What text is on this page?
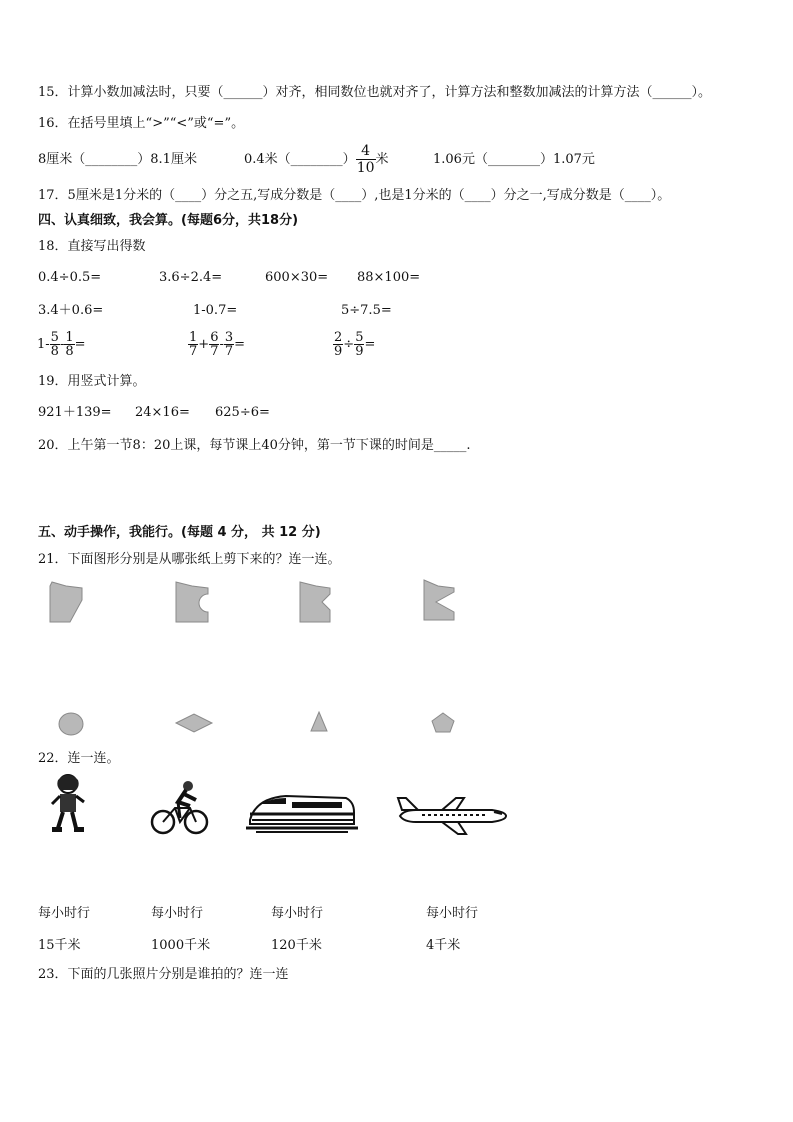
15．计算小数加减法时，只要（______）对齐，相同数位也就对齐了，计算方法和整数加减法的计算方法（______）。
16．在括号里填上“>”“<”或“=”。
8厘米（________）8.1厘米	0.4米（________） $\frac{4}{10}$ 米	1.06元（________）1.07元
17．5厘米是1分米的（____）分之五,写成分数是（____）,也是1分米的（____）分之一,写成分数是（____）。
四、认真细致，我会算。(每题6分，共18分)
18．直接写出得数
0.4÷0.5=	3.6÷2.4=	600×30= 88×100=
3.4＋0.6=	1-0.7=	5÷7.5=
$1- \frac{5}{8} - \frac{1}{8}$ =	$\frac{1}{7} + \frac{6}{7} - \frac{3}{7}$ =	$\frac{2}{9} \div \frac{5}{9}$ =
19．用竖式计算。
921＋139= 24×16= 625÷6=
20．上午第一节8：20上课，每节课上40分钟，第一节下课的时间是_____.
五、动手操作，我能行。(每题 4 分， 共 12 分)
21．下面图形分别是从哪张纸上剪下来的？连一连。
22．连一连。
每小时行	每小时行	每小时行	每小时行
15千米	1000千米	120千米	4千米
23．下面的几张照片分别是谁拍的？连一连
